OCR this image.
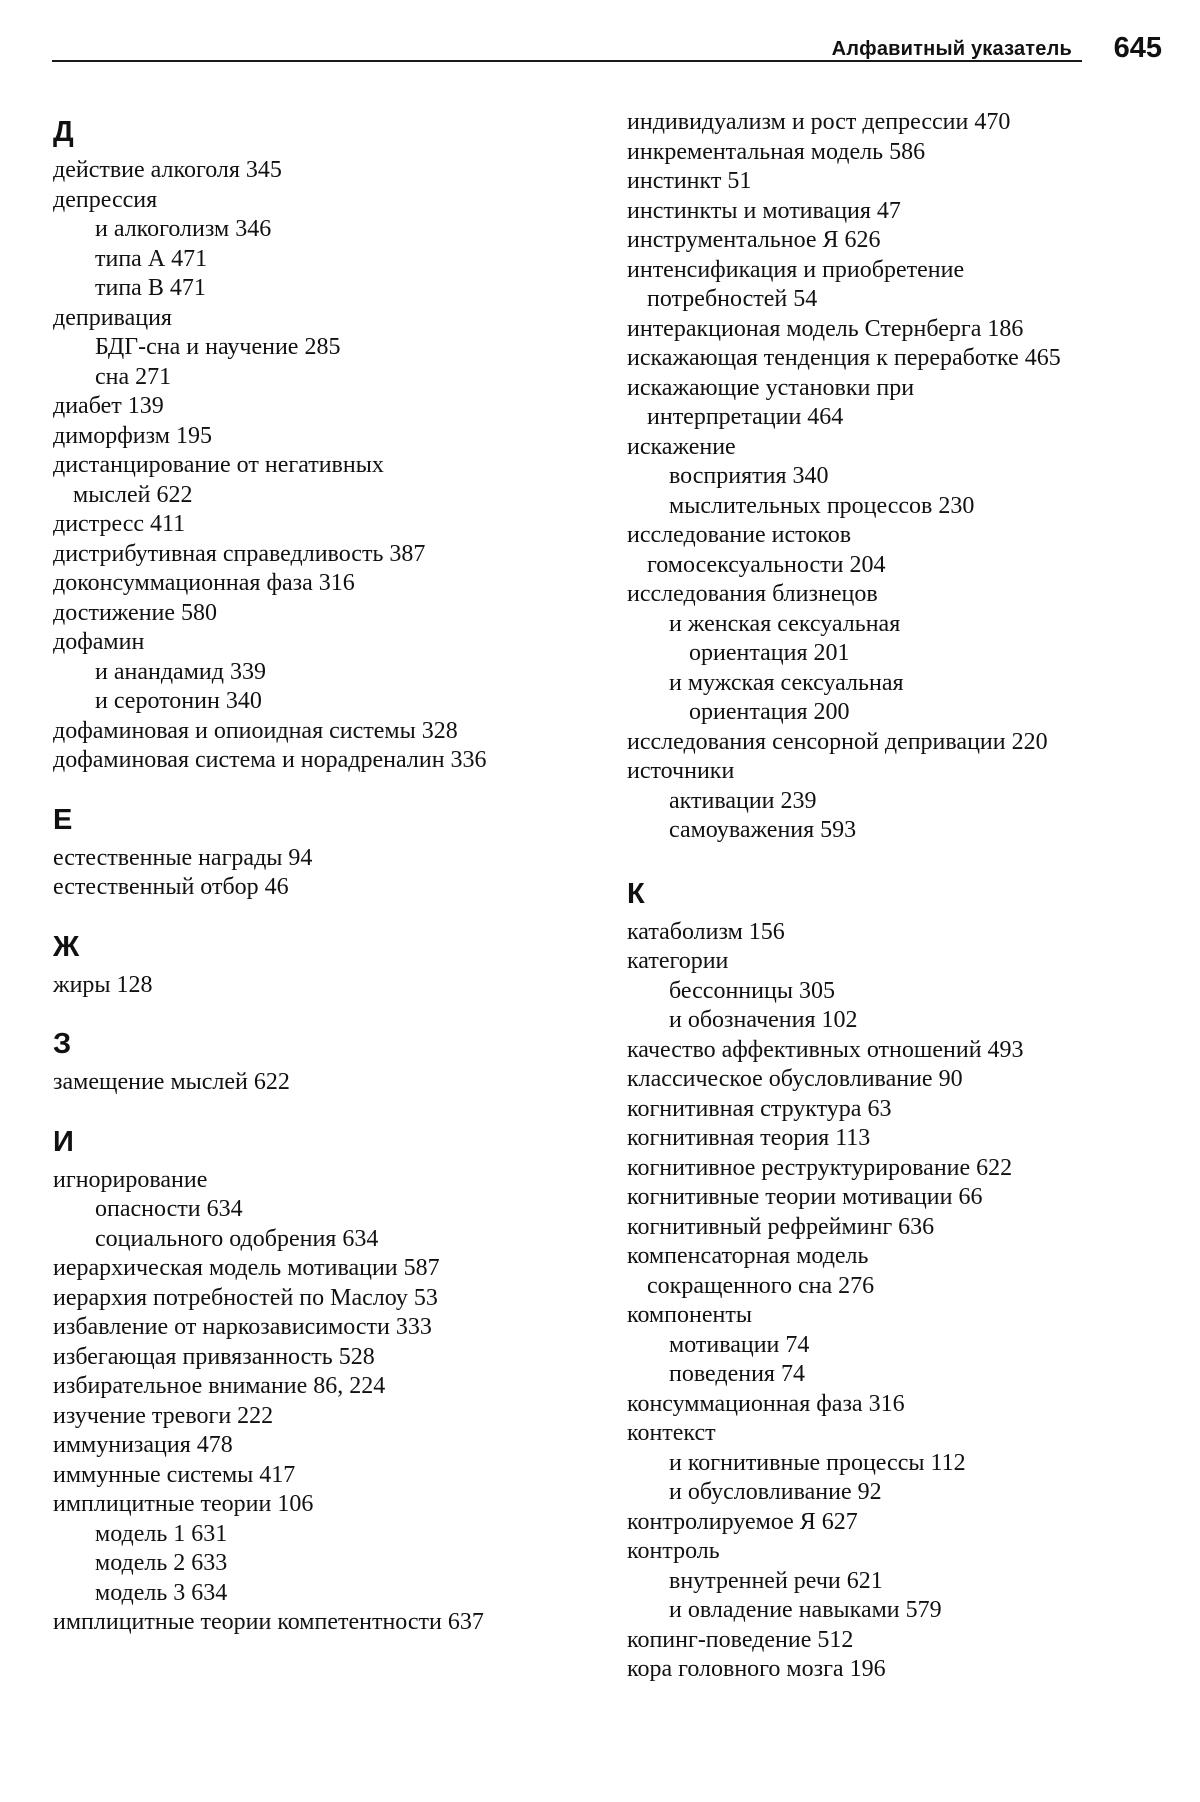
Алфавитный указатель 645
Д
действие алкоголя 345
депрессия
и алкоголизм 346
типа А 471
типа В 471
депривация
БДГ-сна и научение 285
сна 271
диабет 139
диморфизм 195
дистанцирование от негативных
мыслей 622
дистресс 411
дистрибутивная справедливость 387
доконсуммационная фаза 316
достижение 580
дофамин
и анандамид 339
и серотонин 340
дофаминовая и опиоидная системы 328
дофаминовая система и норадреналин 336
Е
естественные награды 94
естественный отбор 46
Ж
жиры 128
З
замещение мыслей 622
И
игнорирование
опасности 634
социального одобрения 634
иерархическая модель мотивации 587
иерархия потребностей по Маслоу 53
избавление от наркозависимости 333
избегающая привязанность 528
избирательное внимание 86, 224
изучение тревоги 222
иммунизация 478
иммунные системы 417
имплицитные теории 106
модель 1 631
модель 2 633
модель 3 634
имплицитные теории компетентности 637
индивидуализм и рост депрессии 470
инкрементальная модель 586
инстинкт 51
инстинкты и мотивация 47
инструментальное Я 626
интенсификация и приобретение
потребностей 54
интеракционая модель Стернберга 186
искажающая тенденция к переработке 465
искажающие установки при
интерпретации 464
искажение
восприятия 340
мыслительных процессов 230
исследование истоков
гомосексуальности 204
исследования близнецов
и женская сексуальная
ориентация 201
и мужская сексуальная
ориентация 200
исследования сенсорной депривации 220
источники
активации 239
самоуважения 593
К
катаболизм 156
категории
бессонницы 305
и обозначения 102
качество аффективных отношений 493
классическое обусловливание 90
когнитивная структура 63
когнитивная теория 113
когнитивное реструктурирование 622
когнитивные теории мотивации 66
когнитивный рефрейминг 636
компенсаторная модель
сокращенного сна 276
компоненты
мотивации 74
поведения 74
консуммационная фаза 316
контекст
и когнитивные процессы 112
и обусловливание 92
контролируемое Я 627
контроль
внутренней речи 621
и овладение навыками 579
копинг-поведение 512
кора головного мозга 196
